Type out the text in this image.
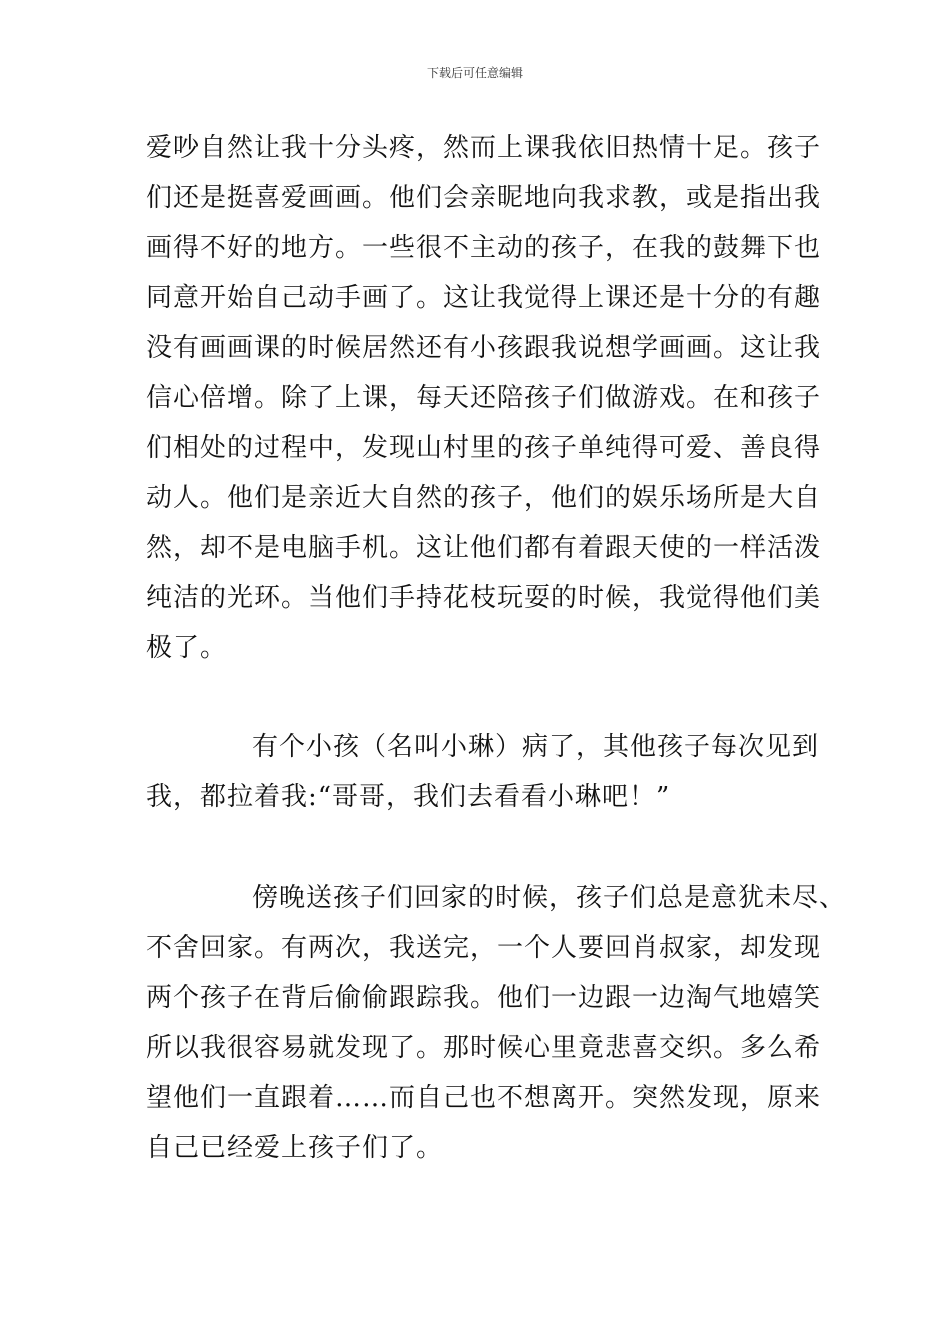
下载后可任意编辑
爱吵自然让我十分头疼，然而上课我依旧热情十足。孩子
们还是挺喜爱画画。他们会亲昵地向我求教，或是指出我
画得不好的地方。一些很不主动的孩子，在我的鼓舞下也
同意开始自己动手画了。这让我觉得上课还是十分的有趣
没有画画课的时候居然还有小孩跟我说想学画画。这让我
信心倍增。除了上课，每天还陪孩子们做游戏。在和孩子
们相处的过程中，发现山村里的孩子单纯得可爱、善良得
动人。他们是亲近大自然的孩子，他们的娱乐场所是大自
然，却不是电脑手机。这让他们都有着跟天使的一样活泼
纯洁的光环。当他们手持花枝玩耍的时候，我觉得他们美
极了。
有个小孩（名叫小琳）病了，其他孩子每次见到
我，都拉着我:“哥哥，我们去看看小琳吧！”
傍晚送孩子们回家的时候，孩子们总是意犹未尽、
不舍回家。有两次，我送完，一个人要回肖叔家，却发现
两个孩子在背后偷偷跟踪我。他们一边跟一边淘气地嬉笑
所以我很容易就发现了。那时候心里竟悲喜交织。多么希
望他们一直跟着……而自己也不想离开。突然发现，原来
自己已经爱上孩子们了。
